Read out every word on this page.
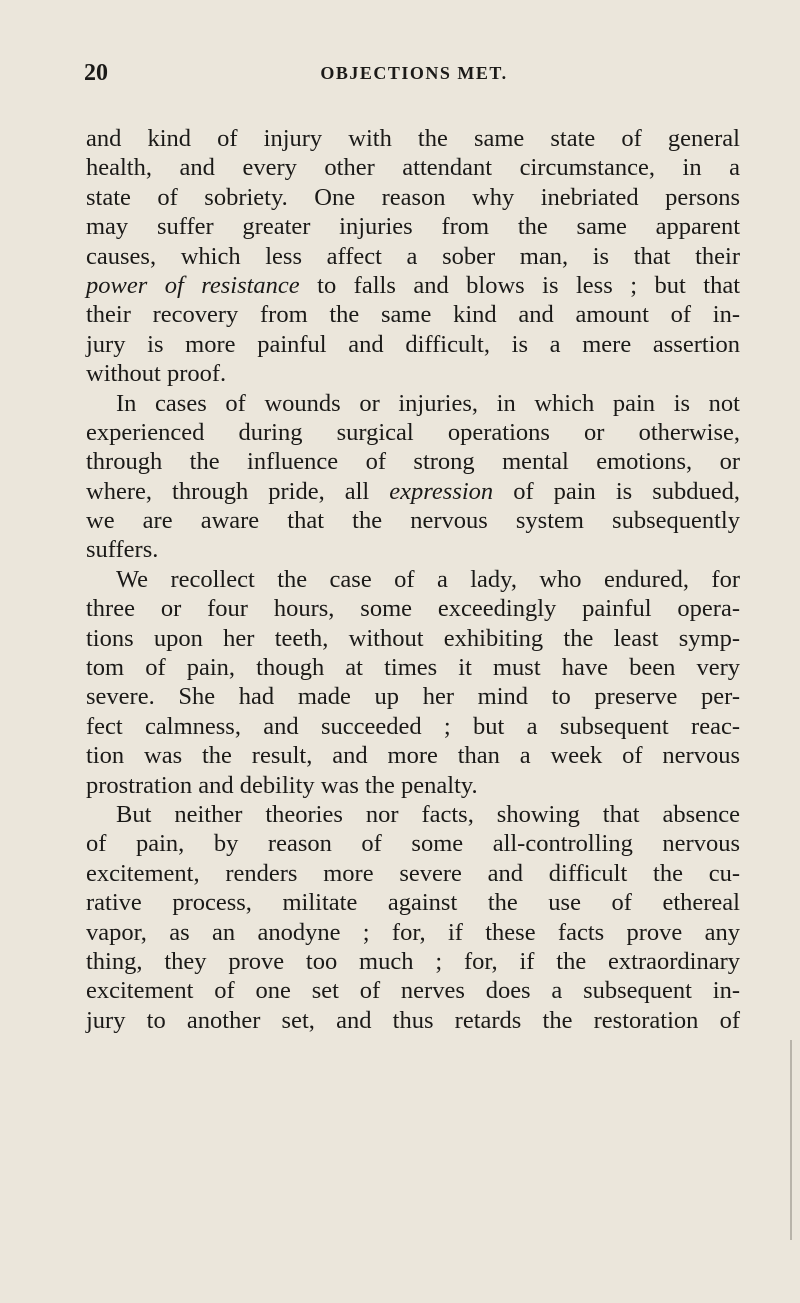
20	OBJECTIONS MET.
and kind of injury with the same state of general
health, and every other attendant circumstance, in a
state of sobriety. One reason why inebriated persons
may suffer greater injuries from the same apparent
causes, which less affect a sober man, is that their
power of resistance to falls and blows is less ; but that
their recovery from the same kind and amount of in-
jury is more painful and difficult, is a mere assertion
without proof.
In cases of wounds or injuries, in which pain is not
experienced during surgical operations or otherwise,
through the influence of strong mental emotions, or
where, through pride, all expression of pain is subdued,
we are aware that the nervous system subsequently
suffers.
We recollect the case of a lady, who endured, for
three or four hours, some exceedingly painful opera-
tions upon her teeth, without exhibiting the least symp-
tom of pain, though at times it must have been very
severe. She had made up her mind to preserve per-
fect calmness, and succeeded ; but a subsequent reac-
tion was the result, and more than a week of nervous
prostration and debility was the penalty.
But neither theories nor facts, showing that absence
of pain, by reason of some all-controlling nervous
excitement, renders more severe and difficult the cu-
rative process, militate against the use of ethereal
vapor, as an anodyne ; for, if these facts prove any
thing, they prove too much ; for, if the extraordinary
excitement of one set of nerves does a subsequent in-
jury to another set, and thus retards the restoration of
